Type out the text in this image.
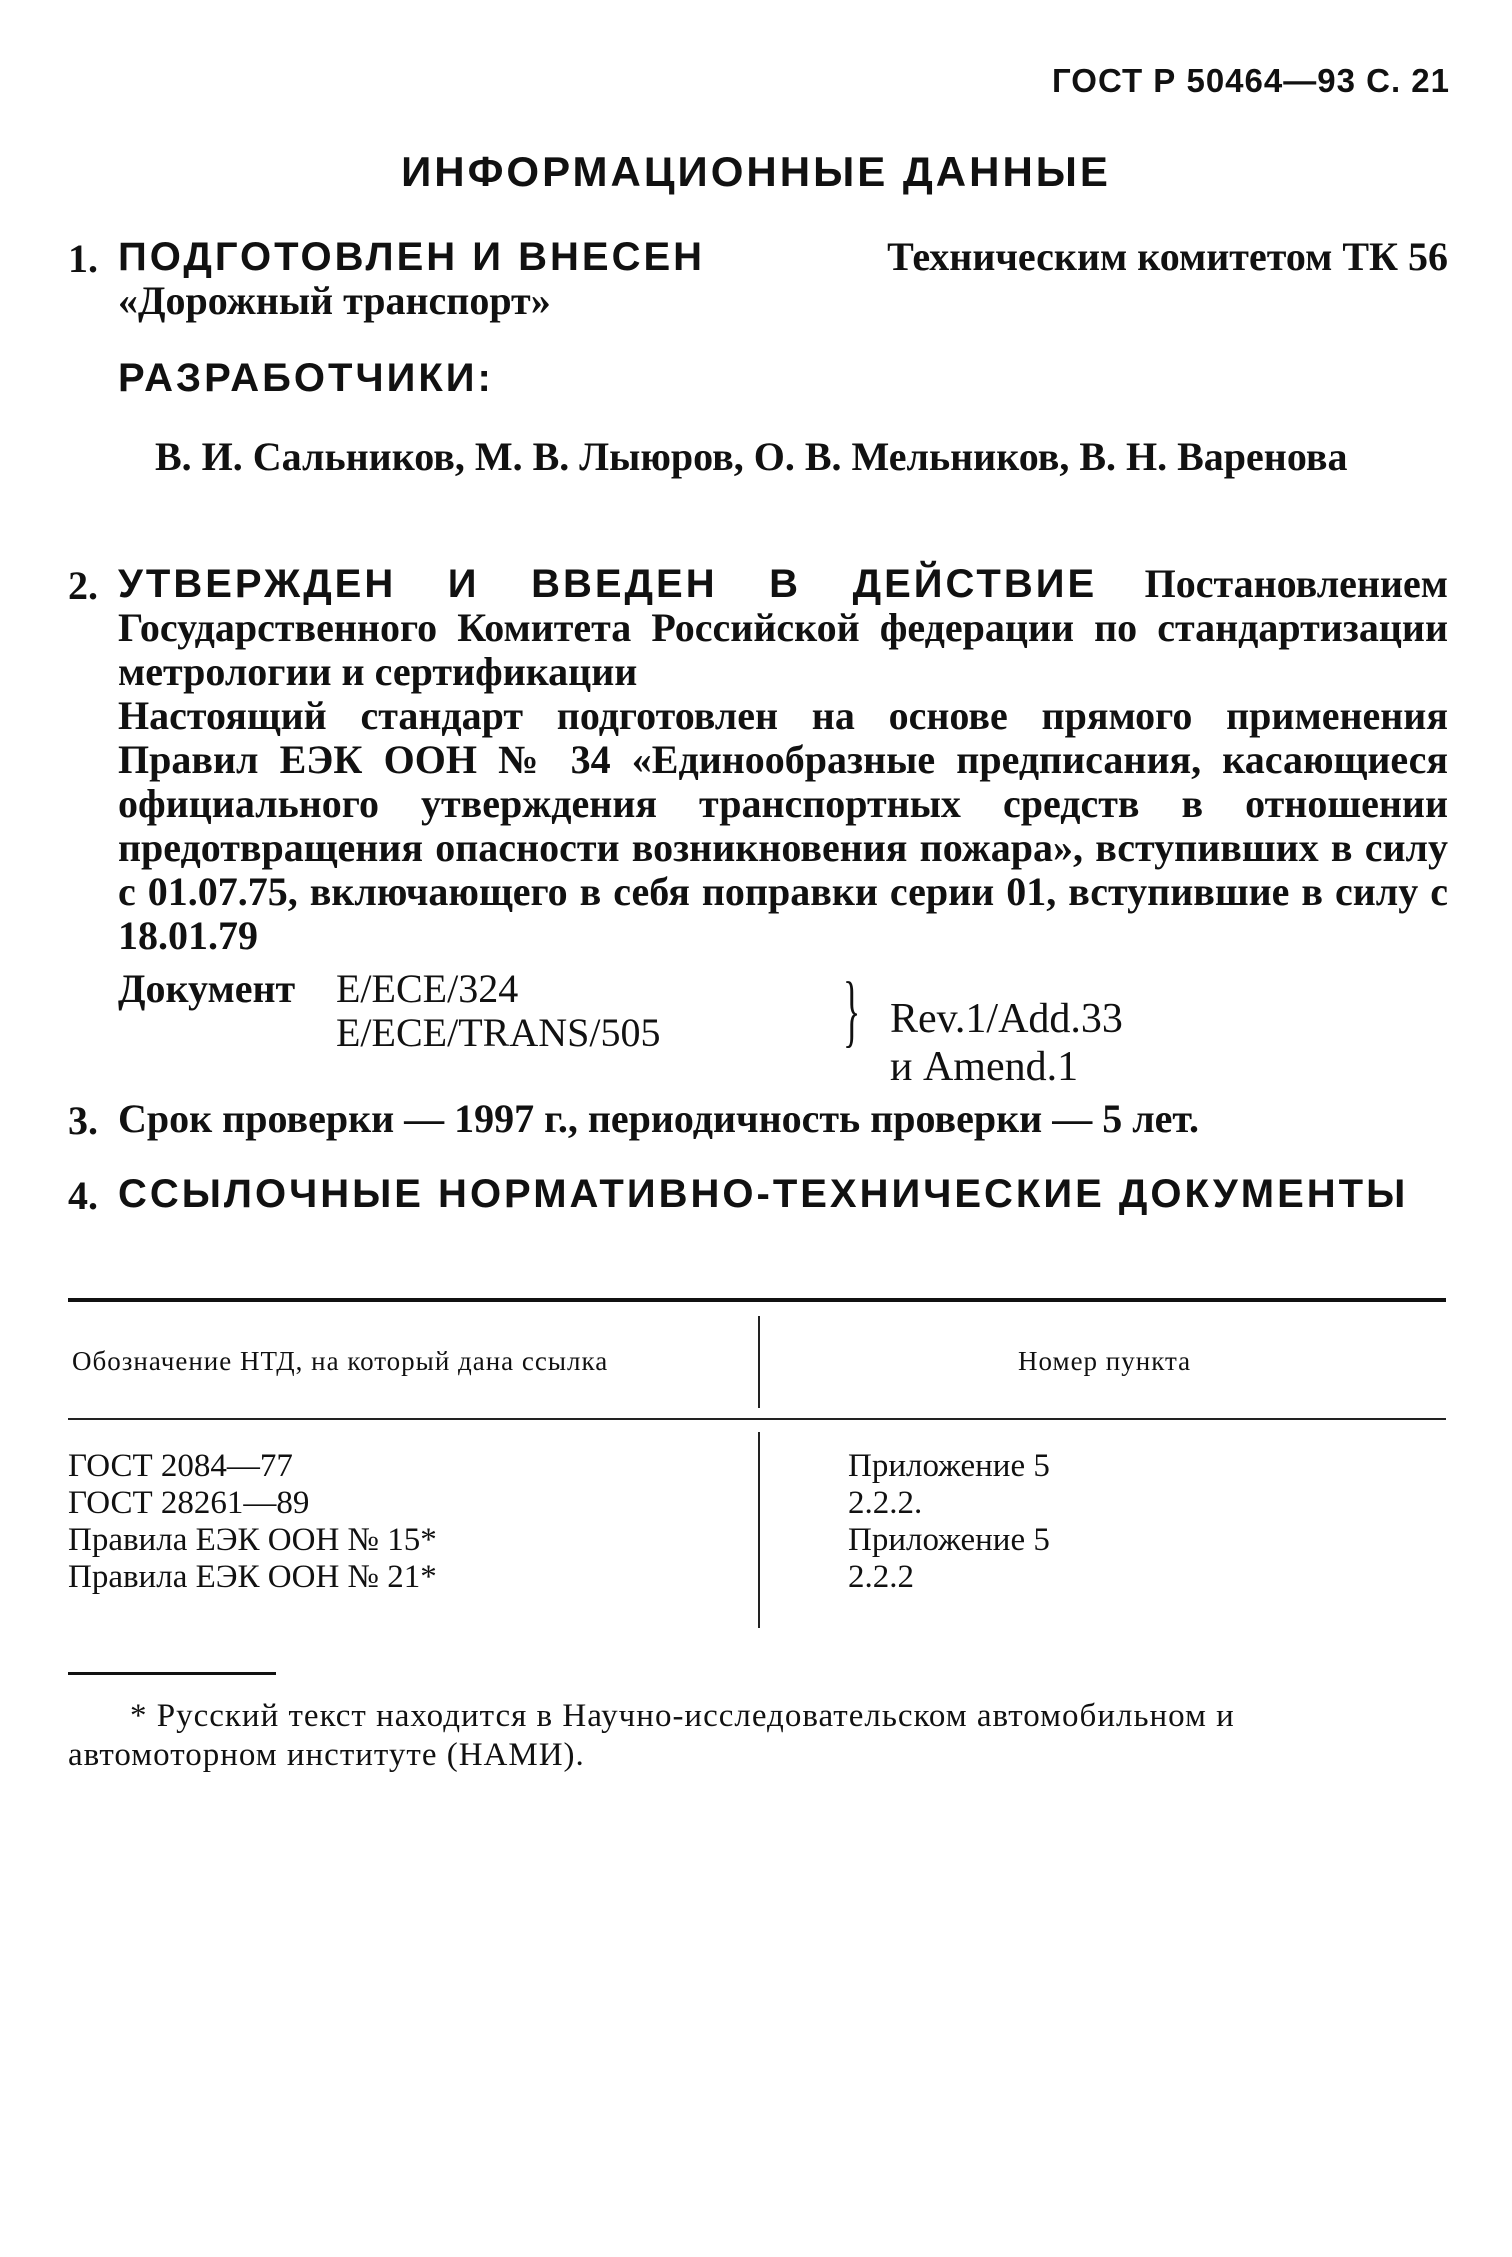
ГОСТ Р 50464—93 С. 21
ИНФОРМАЦИОННЫЕ ДАННЫЕ
1. ПОДГОТОВЛЕН И ВНЕСЕН	Техническим комитетом ТК 56
«Дорожный транспорт»
РАЗРАБОТЧИКИ:
В. И. Сальников, М. В. Лыюров, О. В. Мельников, В. Н. Варенова
2. УТВЕРЖДЕН И ВВЕДЕН В ДЕЙСТВИЕ Постановлением Государственного Комитета Российской федерации по стандартизации метрологии и сертификации
Настоящий стандарт подготовлен на основе прямого применения Правил ЕЭК ООН № 34 «Единообразные предписания, касающиеся официального утверждения транспортных средств в отношении предотвращения опасности возникновения пожара», вступивших в силу с 01.07.75, включающего в себя поправки серии 01, вступившие в силу с 18.01.79
Документ E/ECE/324
E/ECE/TRANS/505 } Rev.1/Add.33 и Amend.1
3. Срок проверки — 1997 г., периодичность проверки — 5 лет.
4. ССЫЛОЧНЫЕ НОРМАТИВНО-ТЕХНИЧЕСКИЕ ДОКУМЕНТЫ
Обозначение НТД, на который дана ссылка	Номер пункта
ГОСТ 2084—77
ГОСТ 28261—89
Правила ЕЭК ООН № 15*
Правила ЕЭК ООН № 21*
Приложение 5
2.2.2.
Приложение 5
2.2.2
* Русский текст находится в Научно-исследовательском автомобильном и автомоторном институте (НАМИ).
